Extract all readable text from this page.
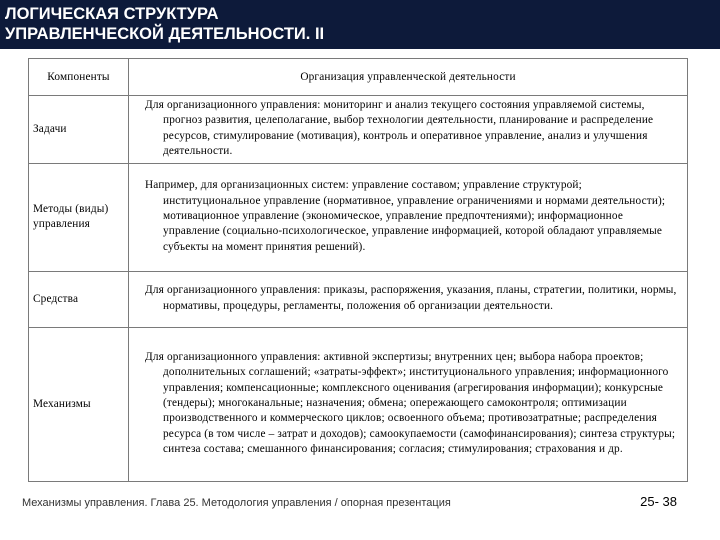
ЛОГИЧЕСКАЯ СТРУКТУРА
УПРАВЛЕНЧЕСКОЙ ДЕЯТЕЛЬНОСТИ. II
Компоненты	Организация управленческой деятельности
Задачи	Для организационного управления: мониторинг и анализ текущего состояния управляемой системы, прогноз развития, целеполагание, выбор технологии деятельности, планирование и распределение ресурсов, стимулирование (мотивация), контроль и оперативное управление, анализ и улучшения деятельности.

Методы (виды) управления	Например, для организационных систем: управление составом; управление структурой; институциональное управление (нормативное, управление ограничениями и нормами деятельности); мотивационное управление (экономическое, управление предпочтениями); информационное управление (социально-психологическое, управление информацией, которой обладают управляемые субъекты на момент принятия решений).

Средства	Для организационного управления: приказы, распоряжения, указания, планы, стратегии, политики, нормы, нормативы, процедуры, регламенты, положения об организации деятельности.

Механизмы	Для организационного управления: активной экспертизы; внутренних цен; выбора набора проектов; дополнительных соглашений; «затраты-эффект»; институционального управления; информационного управления; компенсационные; комплексного оценивания (агрегирования информации); конкурсные (тендеры); многоканальные; назначения; обмена; опережающего самоконтроля; оптимизации производственного и коммерческого циклов; освоенного объема; противозатратные; распределения ресурса (в том числе – затрат и доходов); самоокупаемости (самофинансирования); синтеза структуры; синтеза состава; смешанного финансирования; согласия; стимулирования; страхования и др.
Механизмы управления. Глава 25. Методология управления / опорная презентация	25- 38
